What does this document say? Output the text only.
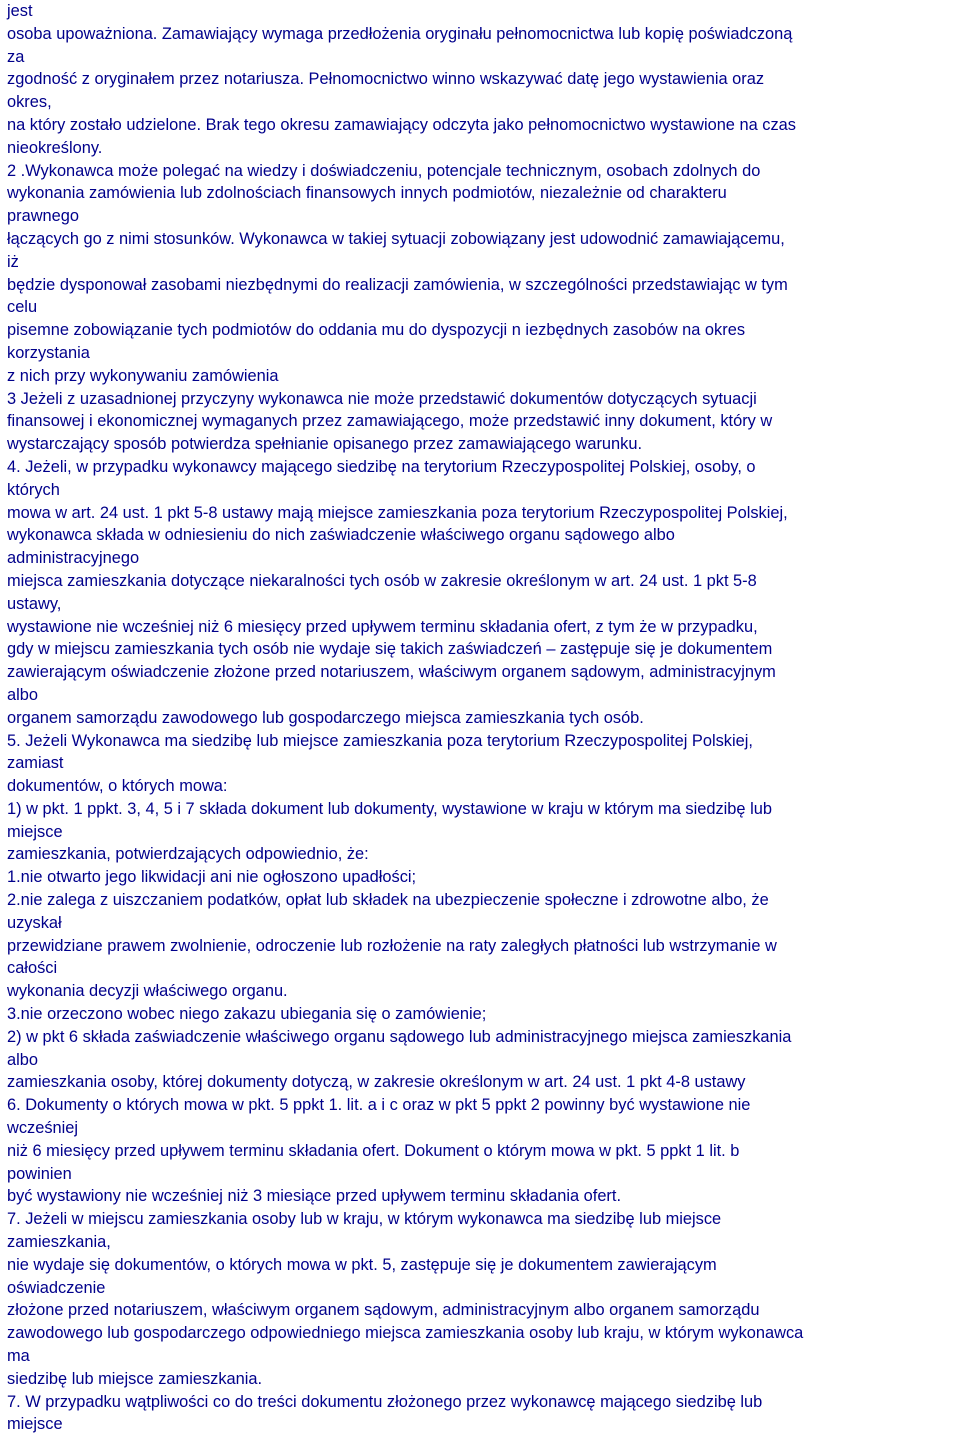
jest
osoba upoważniona. Zamawiający wymaga przedłożenia oryginału pełnomocnictwa lub kopię poświadczoną
za
zgodność z oryginałem przez notariusza. Pełnomocnictwo winno wskazywać datę jego wystawienia oraz
okres,
na który zostało udzielone. Brak tego okresu zamawiający odczyta jako pełnomocnictwo wystawione na czas
nieokreślony.
2 .Wykonawca może polegać na wiedzy i doświadczeniu, potencjale technicznym, osobach zdolnych do
wykonania zamówienia lub zdolnościach finansowych innych podmiotów, niezależnie od charakteru
prawnego
łączących go z nimi stosunków. Wykonawca w takiej sytuacji zobowiązany jest udowodnić zamawiającemu,
iż
będzie dysponował zasobami niezbędnymi do realizacji zamówienia, w szczególności przedstawiając w tym
celu
pisemne zobowiązanie tych podmiotów do oddania mu do dyspozycji n iezbędnych zasobów na okres
korzystania
z nich przy wykonywaniu zamówienia
3 Jeżeli z uzasadnionej przyczyny wykonawca nie może przedstawić dokumentów dotyczących sytuacji
finansowej i ekonomicznej wymaganych przez zamawiającego, może przedstawić inny dokument, który w
wystarczający sposób potwierdza spełnianie opisanego przez zamawiającego warunku.
4. Jeżeli, w przypadku wykonawcy mającego siedzibę na terytorium Rzeczypospolitej Polskiej, osoby, o
których
mowa w art. 24 ust. 1 pkt 5-8 ustawy mają miejsce zamieszkania poza terytorium Rzeczypospolitej Polskiej,
wykonawca składa w odniesieniu do nich zaświadczenie właściwego organu sądowego albo
administracyjnego
miejsca zamieszkania dotyczące niekaralności tych osób w zakresie określonym w art. 24 ust. 1 pkt 5-8
ustawy,
wystawione nie wcześniej niż 6 miesięcy przed upływem terminu składania ofert, z tym że w przypadku,
gdy w miejscu zamieszkania tych osób nie wydaje się takich zaświadczeń – zastępuje się je dokumentem
zawierającym oświadczenie złożone przed notariuszem, właściwym organem sądowym, administracyjnym
albo
organem samorządu zawodowego lub gospodarczego miejsca zamieszkania tych osób.
5. Jeżeli Wykonawca ma siedzibę lub miejsce zamieszkania poza terytorium Rzeczypospolitej Polskiej,
zamiast
dokumentów, o których mowa:
1) w pkt. 1 ppkt. 3, 4, 5 i 7 składa dokument lub dokumenty, wystawione w kraju w którym ma siedzibę lub
miejsce
zamieszkania, potwierdzających odpowiednio, że:
1.nie otwarto jego likwidacji ani nie ogłoszono upadłości;
2.nie zalega z uiszczaniem podatków, opłat lub składek na ubezpieczenie społeczne i zdrowotne albo, że
uzyskał
przewidziane prawem zwolnienie, odroczenie lub rozłożenie na raty zaległych płatności lub wstrzymanie w
całości
wykonania decyzji właściwego organu.
3.nie orzeczono wobec niego zakazu ubiegania się o zamówienie;
2) w pkt 6 składa zaświadczenie właściwego organu sądowego lub administracyjnego miejsca zamieszkania
albo
zamieszkania osoby, której dokumenty dotyczą, w zakresie określonym w art. 24 ust. 1 pkt 4-8 ustawy
6. Dokumenty o których mowa w pkt. 5 ppkt 1. lit. a i c oraz w pkt 5 ppkt 2 powinny być wystawione nie
wcześniej
niż 6 miesięcy przed upływem terminu składania ofert. Dokument o którym mowa w pkt. 5 ppkt 1 lit. b
powinien
być wystawiony nie wcześniej niż 3 miesiące przed upływem terminu składania ofert.
7. Jeżeli w miejscu zamieszkania osoby lub w kraju, w którym wykonawca ma siedzibę lub miejsce
zamieszkania,
nie wydaje się dokumentów, o których mowa w pkt. 5, zastępuje się je dokumentem zawierającym
oświadczenie
złożone przed notariuszem, właściwym organem sądowym, administracyjnym albo organem samorządu
zawodowego lub gospodarczego odpowiedniego miejsca zamieszkania osoby lub kraju, w którym wykonawca
ma
siedzibę lub miejsce zamieszkania.
7. W przypadku wątpliwości co do treści dokumentu złożonego przez wykonawcę mającego siedzibę lub
miejsce
